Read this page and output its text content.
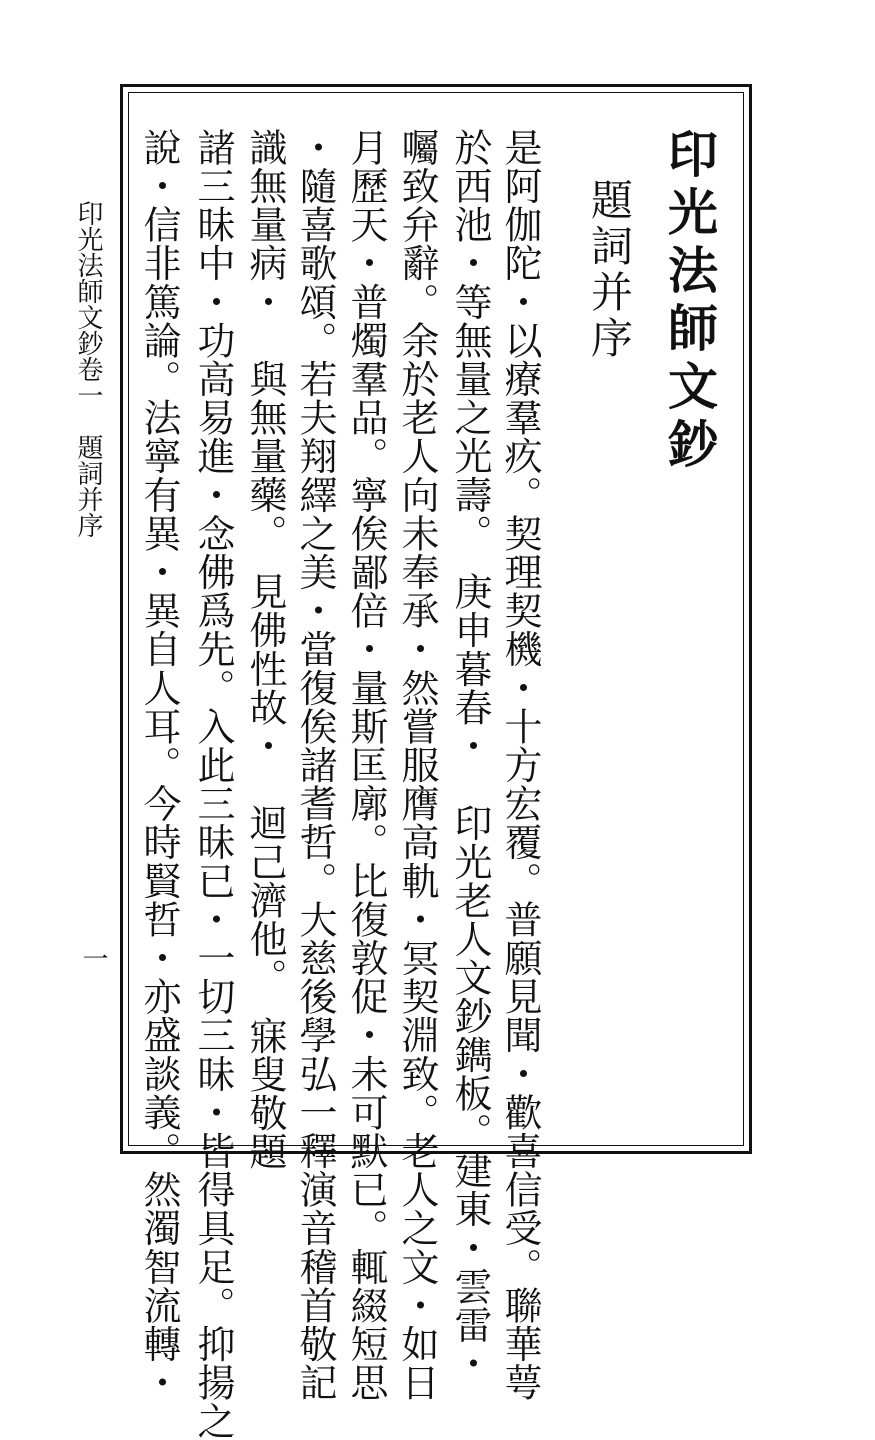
印光法師文鈔
題詞并序
是阿伽陀・以療羣疚。契理契機・十方宏覆。普願見聞・歡喜信受。聯華萼
於西池・等無量之光壽。　庚申暮春・　印光老人文鈔鐫板。建東・雲雷・
囑致弁辭。余於老人向未奉承・然嘗服膺高軌・冥契淵致。老人之文・如日
月歷天・普燭羣品。寧俟鄙倍・量斯匡廓。比復敦促・未可默已。輒綴短思
・隨喜歌頌。若夫翔繹之美・當復俟諸耆哲。大慈後學弘一釋演音稽首敬記
識無量病・　與無量藥。　見佛性故・　迴己濟他。　寐叟敬題
諸三昧中・功高易進・念佛爲先。入此三昧已・一切三昧・皆得具足。抑揚之
說・信非篤論。法寧有異・異自人耳。今時賢哲・亦盛談義。然濁智流轉・
印光法師文鈔卷一　題詞并序
一
